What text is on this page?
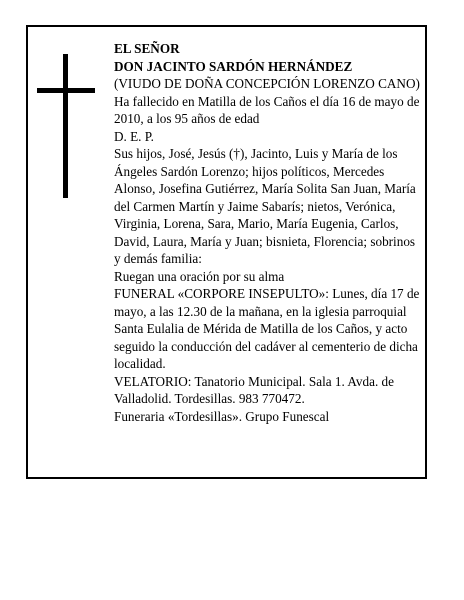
EL SEÑOR

DON JACINTO SARDÓN HERNÁNDEZ

(VIUDO DE DOÑA CONCEPCIÓN LORENZO CANO)

Ha fallecido en Matilla de los Caños el día 16 de mayo de 2010, a los 95 años de edad

D. E. P.

Sus hijos, José, Jesús (†), Jacinto, Luis y María de los Ángeles Sardón Lorenzo; hijos políticos, Mercedes Alonso, Josefina Gutiérrez, María Solita San Juan, María del Carmen Martín y Jaime Sabarís; nietos, Verónica, Virginia, Lorena, Sara, Mario, María Eugenia, Carlos, David, Laura, María y Juan; bisnieta, Florencia; sobrinos y demás familia:

Ruegan una oración por su alma

FUNERAL «CORPORE INSEPULTO»: Lunes, día 17 de mayo, a las 12.30 de la mañana, en la iglesia parroquial Santa Eulalia de Mérida de Matilla de los Caños, y acto seguido la conducción del cadáver al cementerio de dicha localidad.

VELATORIO: Tanatorio Municipal. Sala 1. Avda. de Valladolid. Tordesillas. 983 770472.

Funeraria «Tordesillas». Grupo Funescal
